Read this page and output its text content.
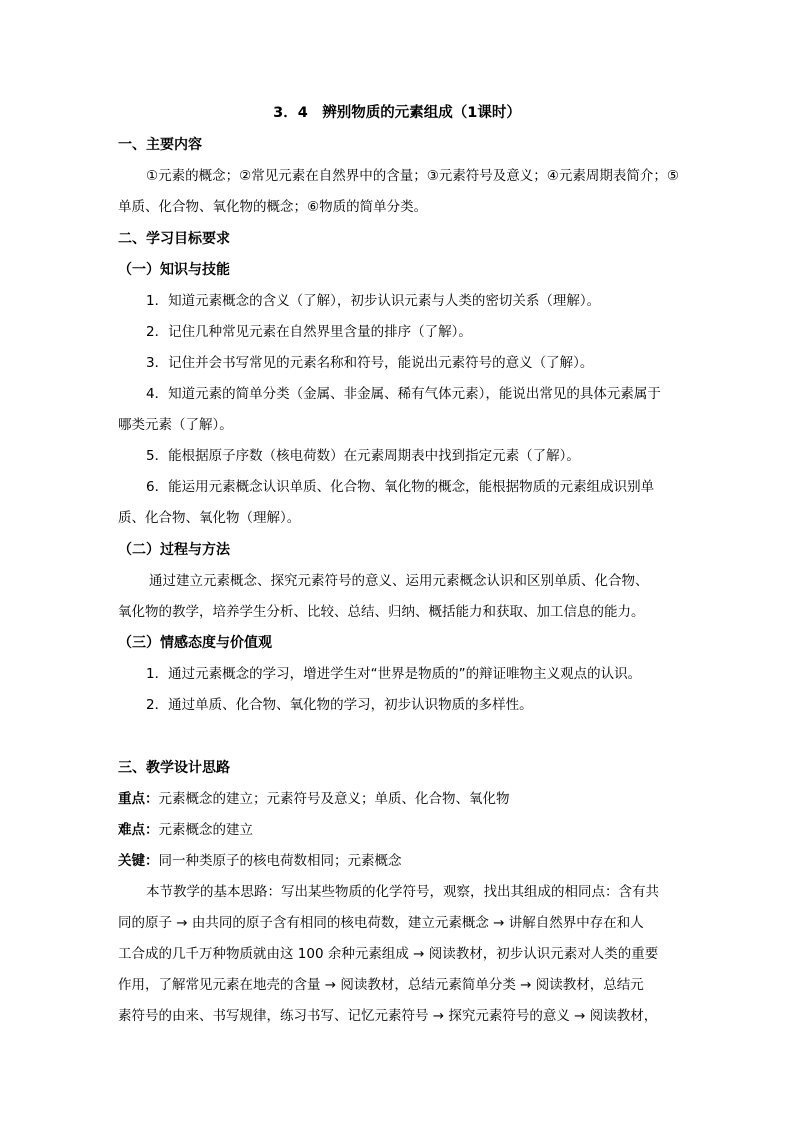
3．4　辨别物质的元素组成（1课时）
一、主要内容
①元素的概念；②常见元素在自然界中的含量；③元素符号及意义；④元素周期表简介；⑤
单质、化合物、氧化物的概念；⑥物质的简单分类。
二、学习目标要求
（一）知识与技能
1．知道元素概念的含义（了解），初步认识元素与人类的密切关系（理解）。
2．记住几种常见元素在自然界里含量的排序（了解）。
3．记住并会书写常见的元素名称和符号，能说出元素符号的意义（了解）。
4．知道元素的简单分类（金属、非金属、稀有气体元素），能说出常见的具体元素属于
哪类元素（了解）。
5．能根据原子序数（核电荷数）在元素周期表中找到指定元素（了解）。
6．能运用元素概念认识单质、化合物、氧化物的概念，能根据物质的元素组成识别单
质、化合物、氧化物（理解）。
（二）过程与方法
通过建立元素概念、探究元素符号的意义、运用元素概念认识和区别单质、化合物、
氧化物的教学，培养学生分析、比较、总结、归纳、概括能力和获取、加工信息的能力。
（三）情感态度与价值观
1．通过元素概念的学习，增进学生对“世界是物质的”的辩证唯物主义观点的认识。
2．通过单质、化合物、氧化物的学习，初步认识物质的多样性。
三、教学设计思路
重点：元素概念的建立；元素符号及意义；单质、化合物、氧化物
难点：元素概念的建立
关键：同一种类原子的核电荷数相同；元素概念
本节教学的基本思路：写出某些物质的化学符号，观察，找出其组成的相同点：含有共
同的原子 → 由共同的原子含有相同的核电荷数，建立元素概念 → 讲解自然界中存在和人
工合成的几千万种物质就由这 100 余种元素组成 → 阅读教材，初步认识元素对人类的重要
作用，了解常见元素在地壳的含量 → 阅读教材，总结元素简单分类 → 阅读教材，总结元
素符号的由来、书写规律，练习书写、记忆元素符号 → 探究元素符号的意义 → 阅读教材，
